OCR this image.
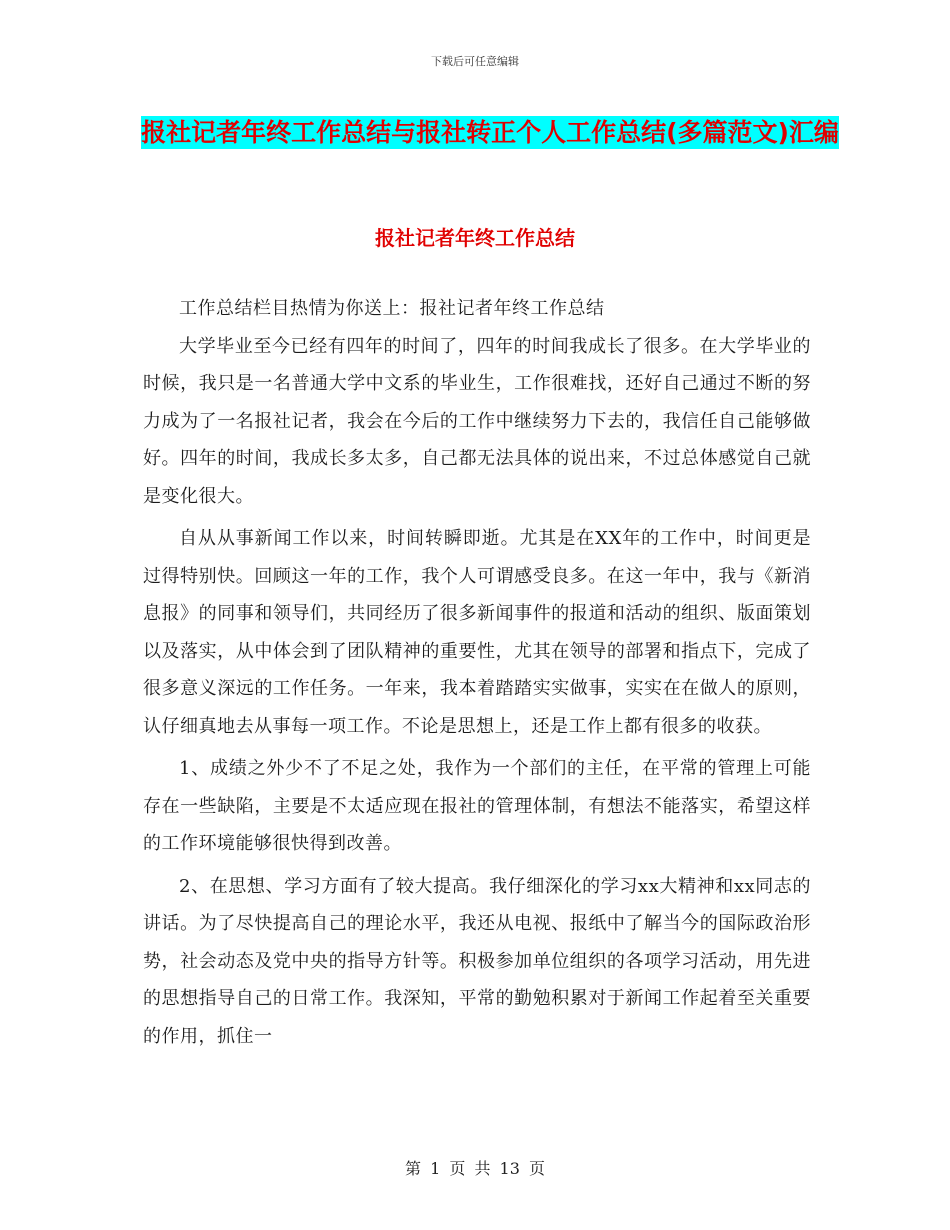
下载后可任意编辑
报社记者年终工作总结与报社转正个人工作总结(多篇范文)汇编
报社记者年终工作总结

工作总结栏目热情为你送上：报社记者年终工作总结

大学毕业至今已经有四年的时间了，四年的时间我成长了很多。在大学毕业的时候，我只是一名普通大学中文系的毕业生，工作很难找，还好自己通过不断的努力成为了一名报社记者，我会在今后的工作中继续努力下去的，我信任自己能够做好。四年的时间，我成长多太多，自己都无法具体的说出来，不过总体感觉自己就是变化很大。

自从从事新闻工作以来，时间转瞬即逝。尤其是在XX年的工作中，时间更是过得特别快。回顾这一年的工作，我个人可谓感受良多。在这一年中，我与《新消息报》的同事和领导们，共同经历了很多新闻事件的报道和活动的组织、版面策划以及落实，从中体会到了团队精神的重要性，尤其在领导的部署和指点下，完成了很多意义深远的工作任务。一年来，我本着踏踏实实做事，实实在在做人的原则，认仔细真地去从事每一项工作。不论是思想上，还是工作上都有很多的收获。

1、成绩之外少不了不足之处，我作为一个部们的主任，在平常的管理上可能存在一些缺陷，主要是不太适应现在报社的管理体制，有想法不能落实，希望这样的工作环境能够很快得到改善。

2、在思想、学习方面有了较大提高。我仔细深化的学习xx大精神和xx同志的讲话。为了尽快提高自己的理论水平，我还从电视、报纸中了解当今的国际政治形势，社会动态及党中央的指导方针等。积极参加单位组织的各项学习活动，用先进的思想指导自己的日常工作。我深知，平常的勤勉积累对于新闻工作起着至关重要的作用，抓住一

第 1 页 共 13 页
